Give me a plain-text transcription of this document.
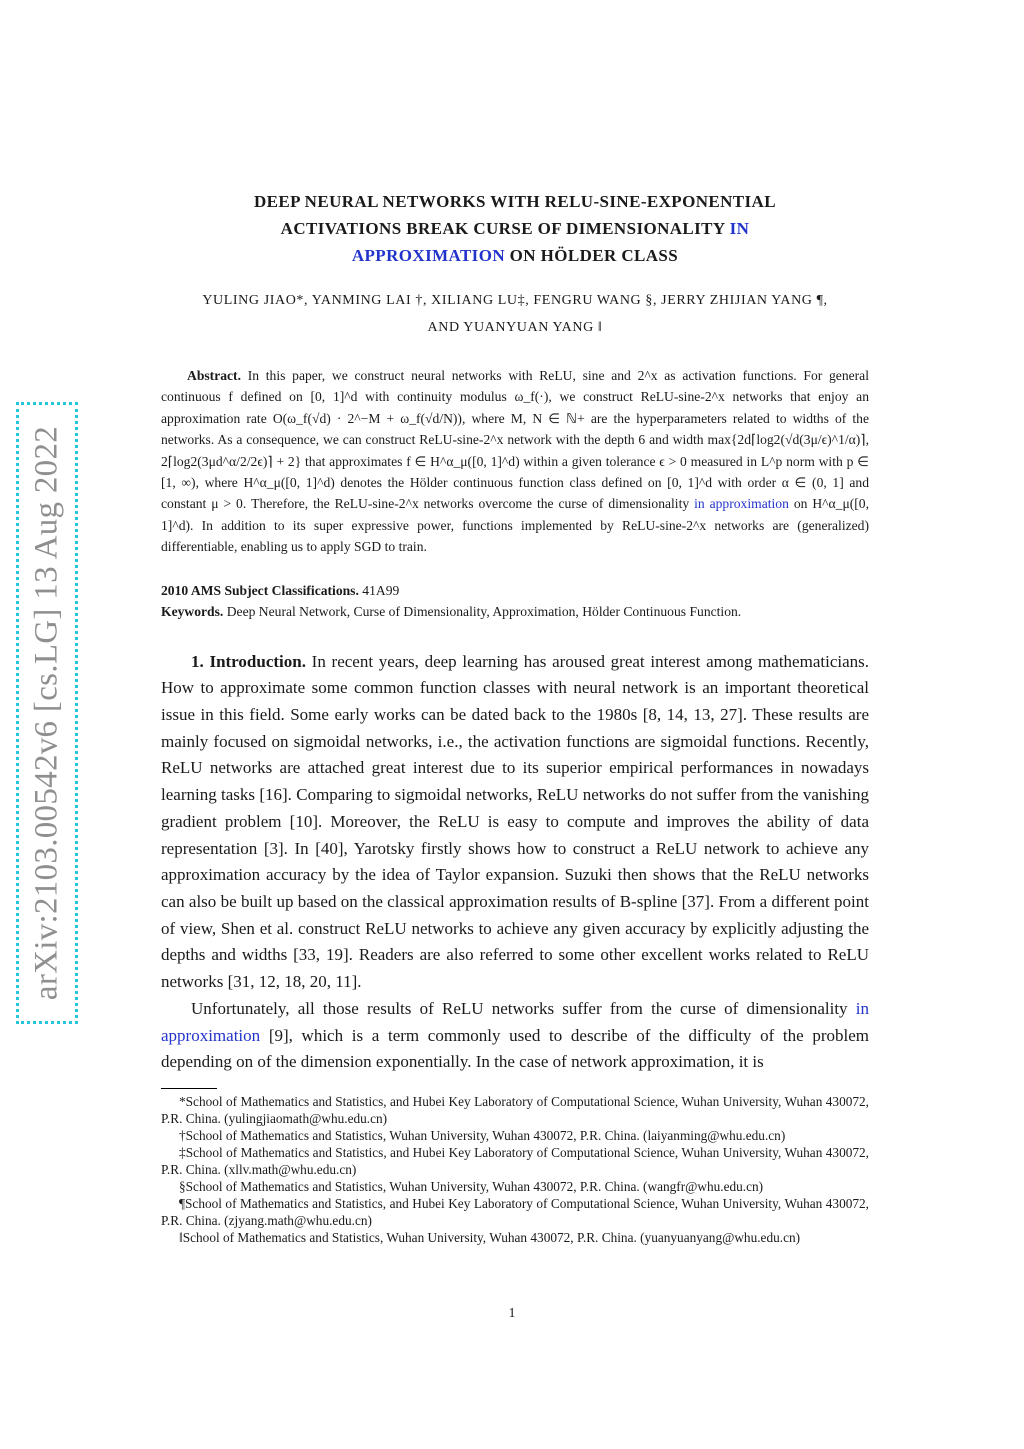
arXiv:2103.00542v6 [cs.LG] 13 Aug 2022
DEEP NEURAL NETWORKS WITH RELU-SINE-EXPONENTIAL
ACTIVATIONS BREAK CURSE OF DIMENSIONALITY IN
APPROXIMATION ON HÖLDER CLASS
YULING JIAO*, YANMING LAI †, XILIANG LU‡, FENGRU WANG §, JERRY ZHIJIAN YANG ¶,
AND YUANYUAN YANG ‖

Abstract. In this paper, we construct neural networks with ReLU, sine and 2^x as activation functions. For general continuous f defined on [0, 1]^d with continuity modulus ω_f(·), we construct ReLU-sine-2^x networks that enjoy an approximation rate O(ω_f(√d) · 2^−M + ω_f(√d/N)), where M, N ∈ ℕ+ are the hyperparameters related to widths of the networks. As a consequence, we can construct ReLU-sine-2^x network with the depth 6 and width max{2d⌈log2(√d(3μ/ϵ)^1/α)⌉, 2⌈log2(3μd^α/2/2ϵ)⌉ + 2} that approximates f ∈ H^α_μ([0, 1]^d) within a given tolerance ϵ > 0 measured in L^p norm with p ∈ [1, ∞), where H^α_μ([0, 1]^d) denotes the Hölder continuous function class defined on [0, 1]^d with order α ∈ (0, 1] and constant μ > 0. Therefore, the ReLU-sine-2^x networks overcome the curse of dimensionality in approximation on H^α_μ([0, 1]^d). In addition to its super expressive power, functions implemented by ReLU-sine-2^x networks are (generalized) differentiable, enabling us to apply SGD to train.

2010 AMS Subject Classifications. 41A99
Keywords. Deep Neural Network, Curse of Dimensionality, Approximation, Hölder Continuous Function.

1. Introduction. In recent years, deep learning has aroused great interest among mathematicians. How to approximate some common function classes with neural network is an important theoretical issue in this field. Some early works can be dated back to the 1980s [8, 14, 13, 27]. These results are mainly focused on sigmoidal networks, i.e., the activation functions are sigmoidal functions. Recently, ReLU networks are attached great interest due to its superior empirical performances in nowadays learning tasks [16]. Comparing to sigmoidal networks, ReLU networks do not suffer from the vanishing gradient problem [10]. Moreover, the ReLU is easy to compute and improves the ability of data representation [3]. In [40], Yarotsky firstly shows how to construct a ReLU network to achieve any approximation accuracy by the idea of Taylor expansion. Suzuki then shows that the ReLU networks can also be built up based on the classical approximation results of B-spline [37]. From a different point of view, Shen et al. construct ReLU networks to achieve any given accuracy by explicitly adjusting the depths and widths [33, 19]. Readers are also referred to some other excellent works related to ReLU networks [31, 12, 18, 20, 11].

Unfortunately, all those results of ReLU networks suffer from the curse of dimensionality in approximation [9], which is a term commonly used to describe of the difficulty of the problem depending on of the dimension exponentially. In the case of network approximation, it is

*School of Mathematics and Statistics, and Hubei Key Laboratory of Computational Science, Wuhan University, Wuhan 430072, P.R. China. (yulingjiaomath@whu.edu.cn)
†School of Mathematics and Statistics, Wuhan University, Wuhan 430072, P.R. China. (laiyanming@whu.edu.cn)
‡School of Mathematics and Statistics, and Hubei Key Laboratory of Computational Science, Wuhan University, Wuhan 430072, P.R. China. (xllv.math@whu.edu.cn)
§School of Mathematics and Statistics, Wuhan University, Wuhan 430072, P.R. China. (wangfr@whu.edu.cn)
¶School of Mathematics and Statistics, and Hubei Key Laboratory of Computational Science, Wuhan University, Wuhan 430072, P.R. China. (zjyang.math@whu.edu.cn)
‖School of Mathematics and Statistics, Wuhan University, Wuhan 430072, P.R. China. (yuanyuanyang@whu.edu.cn)
1
